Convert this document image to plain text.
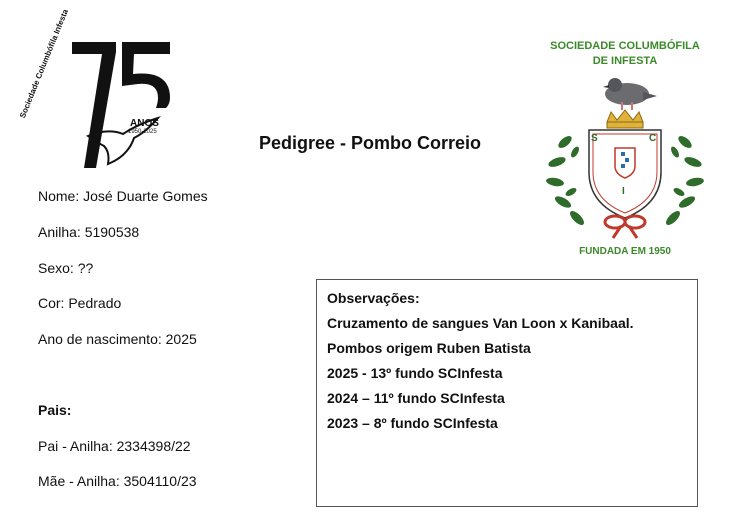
Sociedade Columbófila Infesta
ANOS
1950-2025
Pedigree - Pombo Correio
SOCIEDADE COLUMBÓFILA
DE INFESTA
S	C
I
FUNDADA EM 1950
Nome: José Duarte Gomes
Anilha: 5190538
Sexo: ??
Cor: Pedrado
Ano de nascimento: 2025
Pais:
Pai - Anilha: 2334398/22
Mãe - Anilha: 3504110/23
Observações:
Cruzamento de sangues Van Loon x Kanibaal.
Pombos origem Ruben Batista
2025 - 13º fundo SCInfesta
2024 – 11º fundo SCInfesta
2023 – 8º fundo SCInfesta
